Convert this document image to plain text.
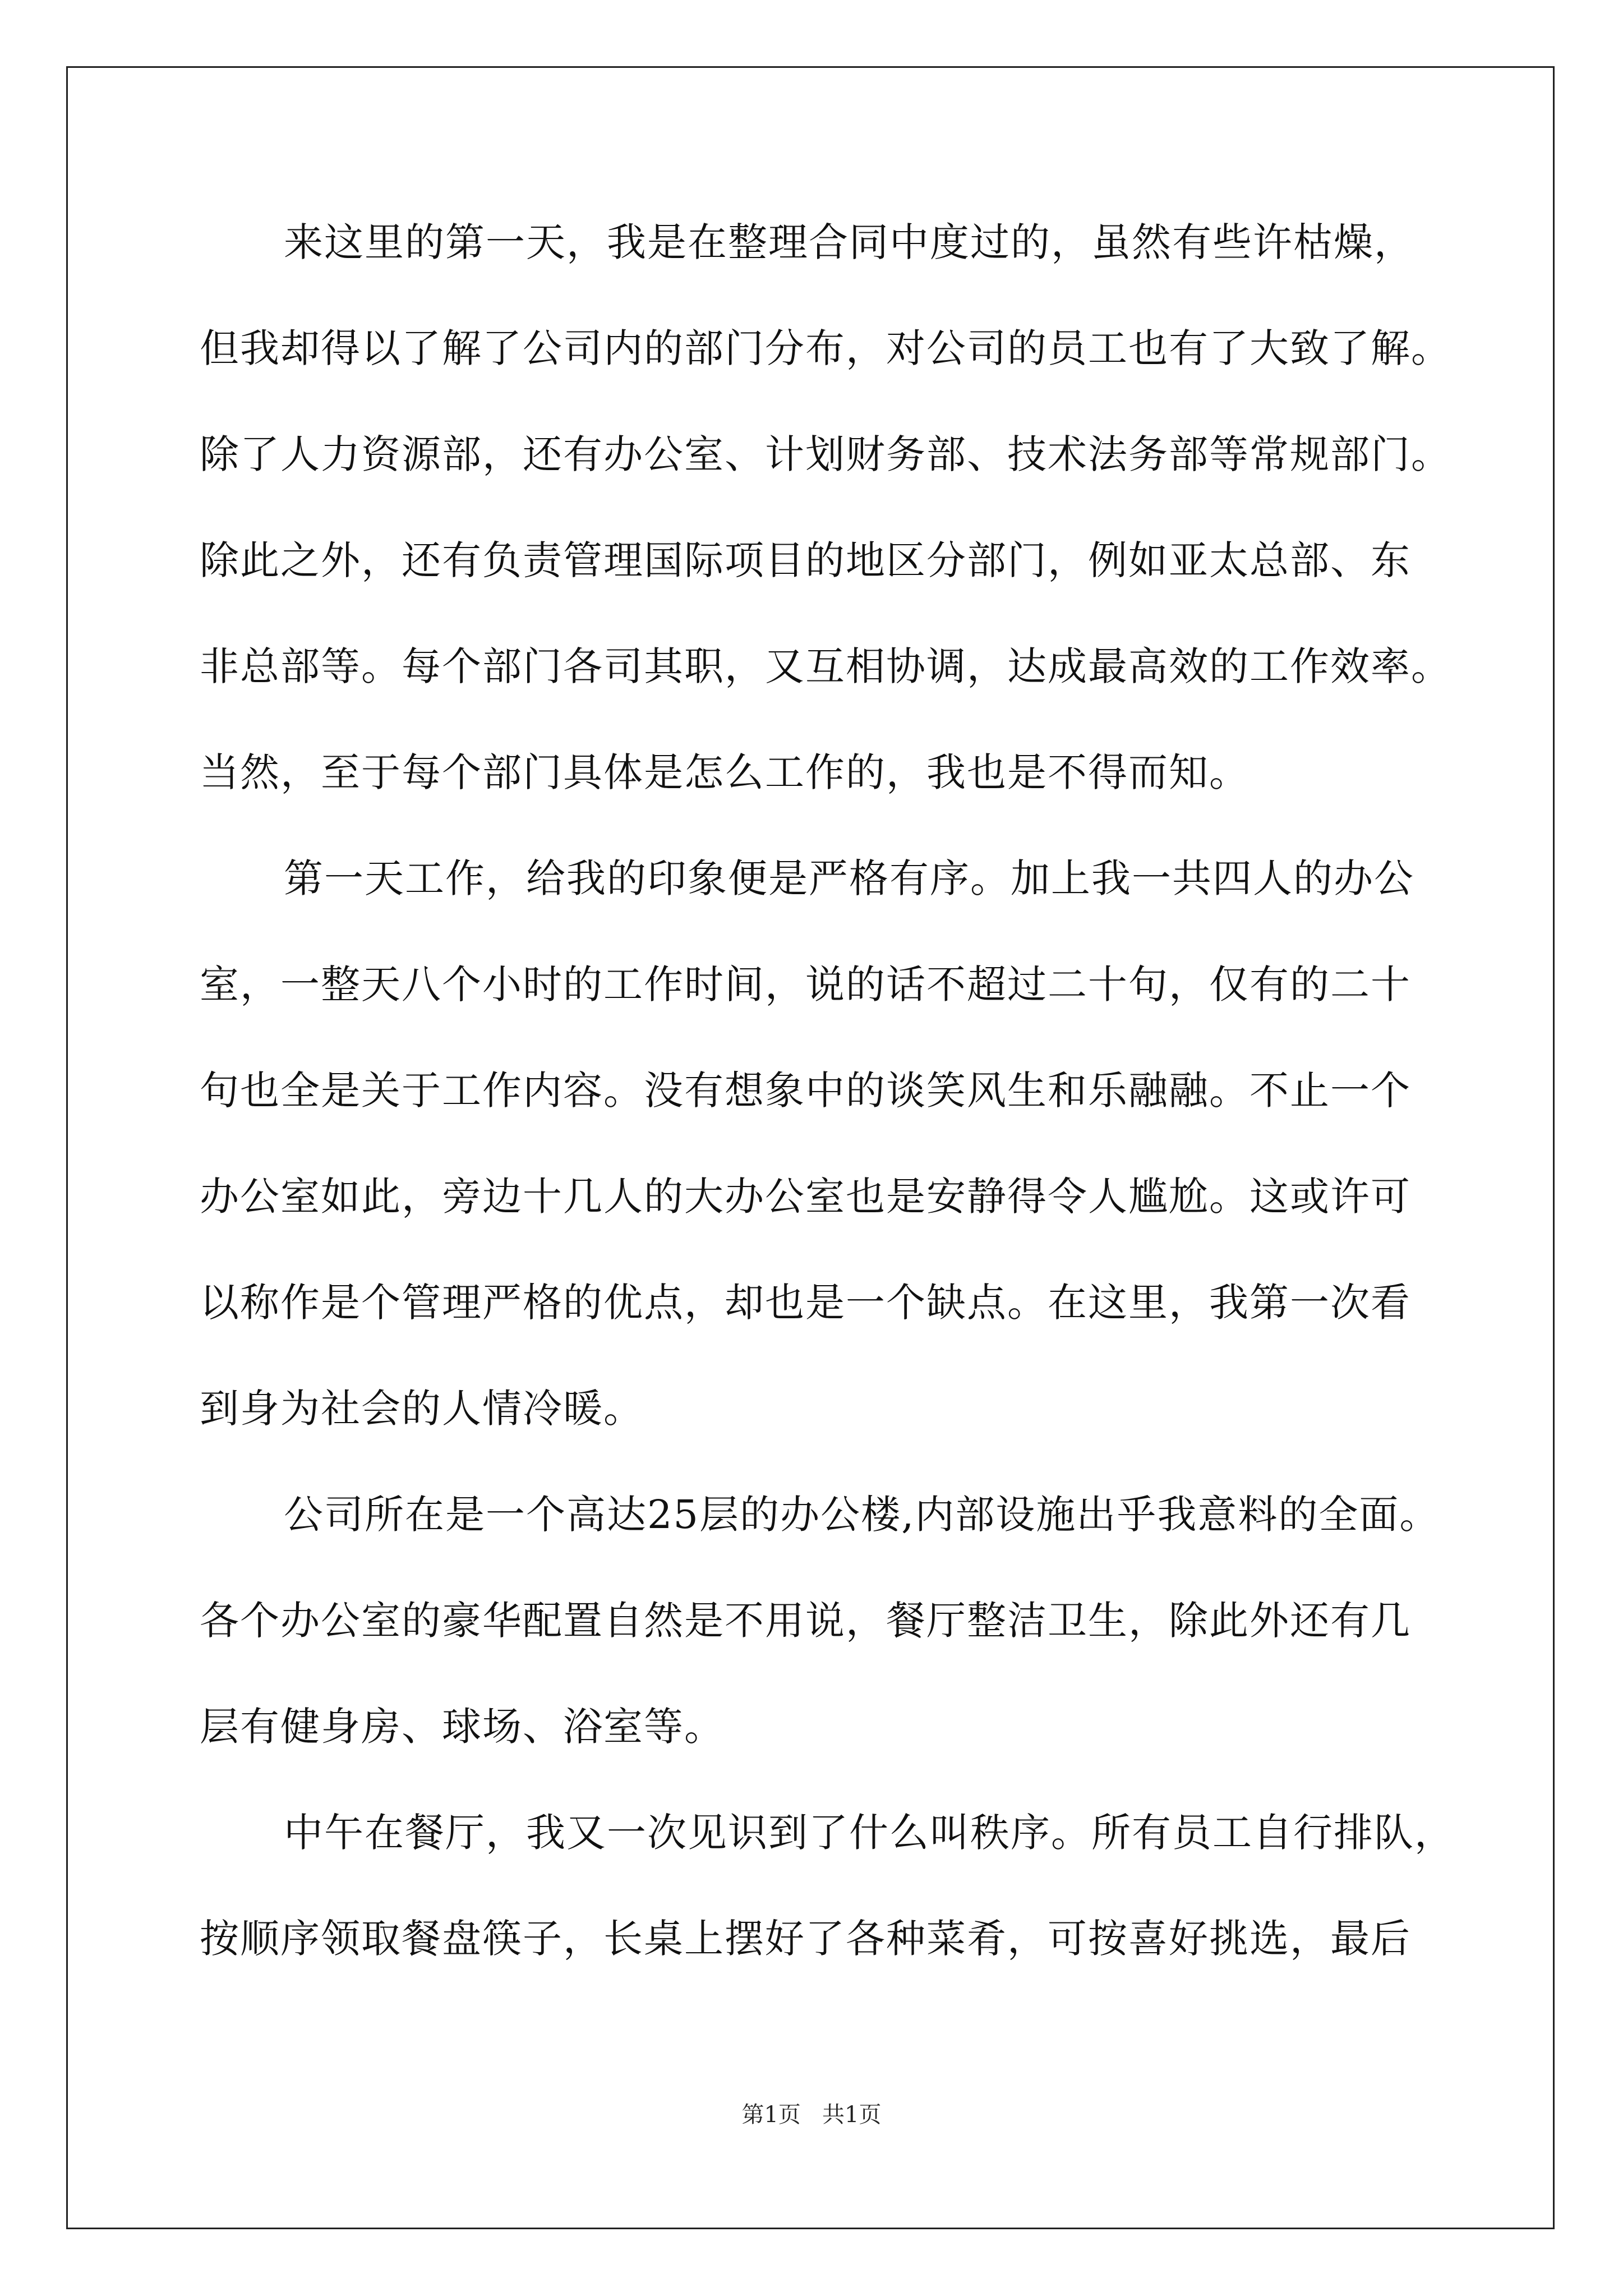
来这里的第一天，我是在整理合同中度过的，虽然有些许枯燥，
但我却得以了解了公司内的部门分布，对公司的员工也有了大致了解。
除了人力资源部，还有办公室、计划财务部、技术法务部等常规部门。
除此之外，还有负责管理国际项目的地区分部门，例如亚太总部、东
非总部等。每个部门各司其职，又互相协调，达成最高效的工作效率。
当然，至于每个部门具体是怎么工作的，我也是不得而知。
第一天工作，给我的印象便是严格有序。加上我一共四人的办公
室，一整天八个小时的工作时间，说的话不超过二十句，仅有的二十
句也全是关于工作内容。没有想象中的谈笑风生和乐融融。不止一个
办公室如此，旁边十几人的大办公室也是安静得令人尴尬。这或许可
以称作是个管理严格的优点，却也是一个缺点。在这里，我第一次看
到身为社会的人情冷暖。
公司所在是一个高达25层的办公楼,内部设施出乎我意料的全面。
各个办公室的豪华配置自然是不用说，餐厅整洁卫生，除此外还有几
层有健身房、球场、浴室等。
中午在餐厅，我又一次见识到了什么叫秩序。所有员工自行排队，
按顺序领取餐盘筷子，长桌上摆好了各种菜肴，可按喜好挑选，最后
第1页   共1页
